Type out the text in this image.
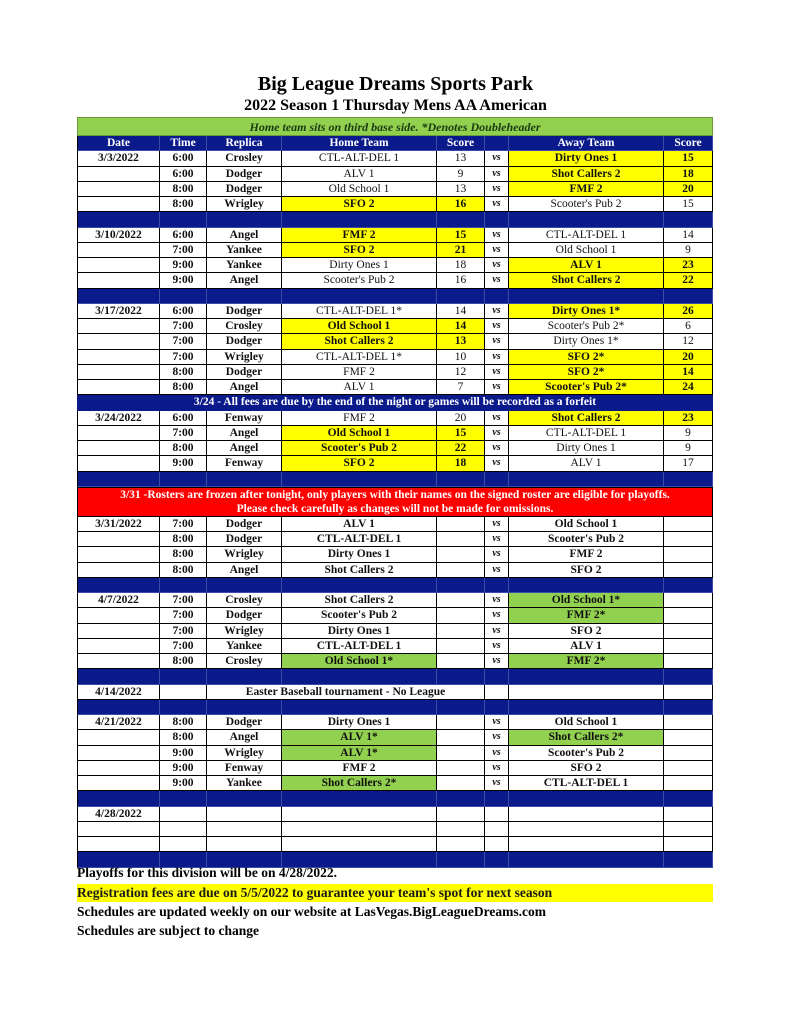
Big League Dreams Sports Park
2022 Season 1 Thursday Mens AA American
Home team sits on third base side. *Denotes Doubleheader
Date	Time	Replica	Home Team	Score	Away Team	Score
3/3/2022	6:00	Crosley	CTL-ALT-DEL 1	13	vs	Dirty Ones 1	15
6:00	Dodger	ALV 1	9	vs	Shot Callers 2	18
8:00	Dodger	Old School 1	13	vs	FMF 2	20
8:00	Wrigley	SFO 2	16	vs	Scooter's Pub 2	15
3/10/2022	6:00	Angel	FMF 2	15	vs	CTL-ALT-DEL 1	14
7:00	Yankee	SFO 2	21	vs	Old School 1	9
9:00	Yankee	Dirty Ones 1	18	vs	ALV 1	23
9:00	Angel	Scooter's Pub 2	16	vs	Shot Callers 2	22
3/17/2022	6:00	Dodger	CTL-ALT-DEL 1*	14	vs	Dirty Ones 1*	26
7:00	Crosley	Old School 1	14	vs	Scooter's Pub 2*	6
7:00	Dodger	Shot Callers 2	13	vs	Dirty Ones 1*	12
7:00	Wrigley	CTL-ALT-DEL 1*	10	vs	SFO 2*	20
8:00	Dodger	FMF 2	12	vs	SFO 2*	14
8:00	Angel	ALV 1	7	vs	Scooter's Pub 2*	24
3/24 - All fees are due by the end of the night or games will be recorded as a forfeit
3/24/2022	6:00	Fenway	FMF 2	20	vs	Shot Callers 2	23
7:00	Angel	Old School 1	15	vs	CTL-ALT-DEL 1	9
8:00	Angel	Scooter's Pub 2	22	vs	Dirty Ones 1	9
9:00	Fenway	SFO 2	18	vs	ALV 1	17
3/31 -Rosters are frozen after tonight, only players with their names on the signed roster are eligible for playoffs.
Please check carefully as changes will not be made for omissions.
3/31/2022	7:00	Dodger	ALV 1	vs	Old School 1
8:00	Dodger	CTL-ALT-DEL 1	vs	Scooter's Pub 2
8:00	Wrigley	Dirty Ones 1	vs	FMF 2
8:00	Angel	Shot Callers 2	vs	SFO 2
4/7/2022	7:00	Crosley	Shot Callers 2	vs	Old School 1*
7:00	Dodger	Scooter's Pub 2	vs	FMF 2*
7:00	Wrigley	Dirty Ones 1	vs	SFO 2
7:00	Yankee	CTL-ALT-DEL 1	vs	ALV 1
8:00	Crosley	Old School 1*	vs	FMF 2*
4/14/2022	Easter Baseball tournament - No League
4/21/2022	8:00	Dodger	Dirty Ones 1	vs	Old School 1
8:00	Angel	ALV 1*	vs	Shot Callers 2*
9:00	Wrigley	ALV 1*	vs	Scooter's Pub 2
9:00	Fenway	FMF 2	vs	SFO 2
9:00	Yankee	Shot Callers 2*	vs	CTL-ALT-DEL 1
4/28/2022
Playoffs for this division will be on 4/28/2022.
Registration fees are due on 5/5/2022 to guarantee your team's spot for next season
Schedules are updated weekly on our website at LasVegas.BigLeagueDreams.com
Schedules are subject to change
